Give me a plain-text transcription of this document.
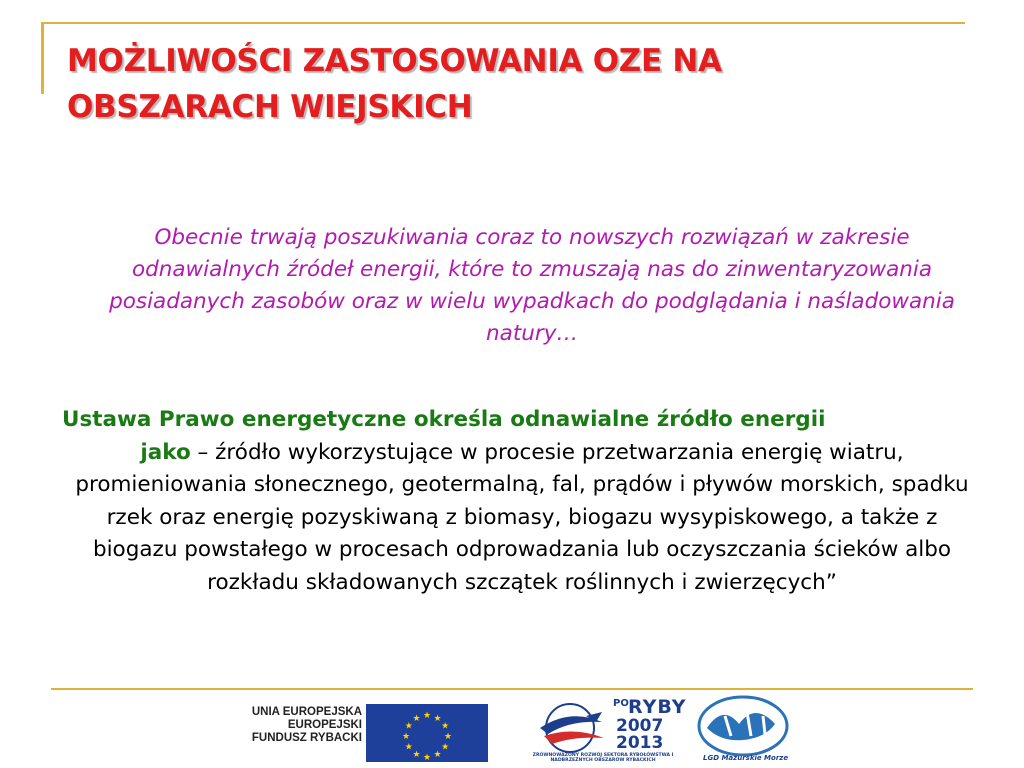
MOŻLIWOŚCI ZASTOSOWANIA OZE NA
OBSZARACH WIEJSKICH

Obecnie trwają poszukiwania coraz to nowszych rozwiązań w zakresie odnawialnych źródeł energii, które to zmuszają nas do zinwentaryzowania posiadanych zasobów oraz w wielu wypadkach do podglądania i naśladowania natury…

Ustawa Prawo energetyczne określa odnawialne źródło energii
jako – źródło wykorzystujące w procesie przetwarzania energię wiatru, promieniowania słonecznego, geotermalną, fal, prądów i pływów morskich, spadku rzek oraz energię pozyskiwaną z biomasy, biogazu wysypiskowego, a także z biogazu powstałego w procesach odprowadzania lub oczyszczania ścieków albo rozkładu składowanych szczątek roślinnych i zwierzęcych”

UNIA EUROPEJSKA
EUROPEJSKI
FUNDUSZ RYBACKI
★ ★
★
★
★
★
★
★
★
★
★
★
PO RYBY
2007
2013
ZRÓWNOWAŻONY ROZWÓJ SEKTORA RYBOŁÓWSTWA I NADBRZEŻNYCH OBSZARÓW RYBACKICH	LGD Mazurskie Morze
